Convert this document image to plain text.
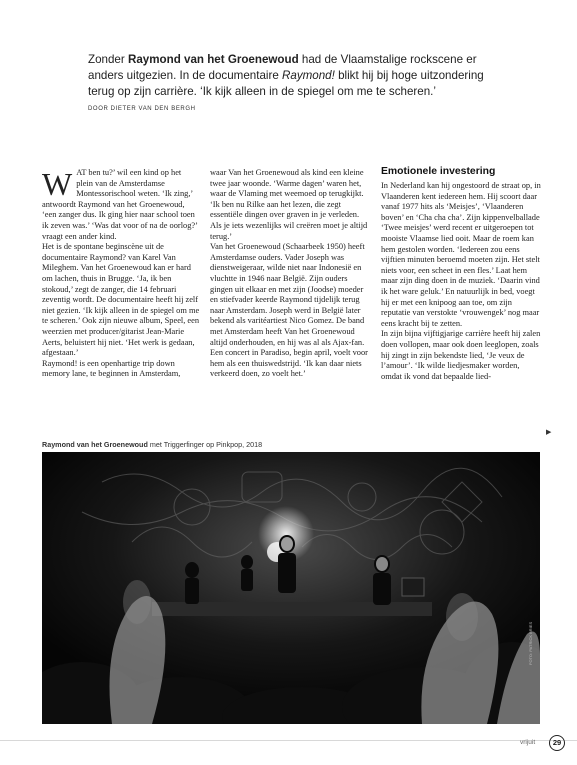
Zonder Raymond van het Groenewoud had de Vlaamstalige rockscene er anders uitgezien. In de documentaire Raymond! blikt hij bij hoge uitzondering terug op zijn carrière. ‘Ik kijk alleen in de spiegel om me te scheren.’
DOOR DIETER VAN DEN BERGH
W AT ben tu?’ wil een kind op het plein van de Amsterdamse Montessorischool weten. ‘Ik zing,’ antwoordt Raymond van het Groenewoud, ‘een zanger dus. Ik ging hier naar school toen ik zeven was.’ ‘Was dat voor of na de oorlog?’ vraagt een ander kind.

Het is de spontane beginscène uit de documentaire Raymond? van Karel Van Mileghem. Van het Groenewoud kan er hard om lachen, thuis in Brugge. ‘Ja, ik ben stokoud,’ zegt de zanger, die 14 februari zeventig wordt. De documentaire heeft hij zelf niet gezien. ‘Ik kijk alleen in de spiegel om me te scheren.’ Ook zijn nieuwe album, Speel, een weerzien met producer/gitarist Jean-Marie Aerts, beluistert hij niet. ‘Het werk is gedaan, afgestaan.’

Raymond! is een openhartige trip down memory lane, te beginnen in Amsterdam,

waar Van het Groenewoud als kind een kleine twee jaar woonde. ‘Warme dagen’ waren het, waar de Vlaming met weemoed op terugkijkt. ‘Ik ben nu Rilke aan het lezen, die zegt essentiële dingen over graven in je verleden. Als je iets wezenlijks wil creëren moet je altijd terug.’

Van het Groenewoud (Schaarbeek 1950) heeft Amsterdamse ouders. Vader Joseph was dienstweigeraar, wilde niet naar Indonesië en vluchtte in 1946 naar België. Zijn ouders gingen uit elkaar en met zijn (Joodse) moeder en stiefvader keerde Raymond tijdelijk terug naar Amsterdam. Joseph werd in België later bekend als varitéartiest Nico Gomez. De band met Amsterdam heeft Van het Groenewoud altijd onderhouden, en hij was al als Ajax-fan. Een concert in Paradiso, begin april, voelt voor hem als een thuiswedstrijd. ‘Ik kan daar niets verkeerd doen, zo voelt het.’

Emotionele investering

In Nederland kan hij ongestoord de straat op, in Vlaanderen kent iedereen hem. Hij scoort daar vanaf 1977 hits als ‘Meisjes’, ‘Vlaanderen boven’ en ‘Cha cha cha’. Zijn kippenvelballade ‘Twee meisjes’ werd recent er uitgeroepen tot mooiste Vlaamse lied ooit. Maar de roem kan hem gestolen worden. ‘Iedereen zou eens vijftien minuten beroemd moeten zijn. Het stelt niets voor, een scheet in een fles.’ Laat hem maar zijn ding doen in de muziek. ‘Daarin vind ik het ware geluk.’ En natuurlijk in bed, voegt hij er met een knipoog aan toe, om zijn reputatie van verstokte ‘vrouwengek’ nog maar eens kracht bij te zetten.

In zijn bijna vijftigjarige carrière heeft hij zalen doen vollopen, maar ook doen leeglopen, zoals hij zingt in zijn bekendste lied, ‘Je veux de l’amour’. ‘Ik wilde liedjesmaker worden, omdat ik vond dat bepaalde lied-

▶
Raymond van het Groenewoud met Triggerfinger op Pinkpop, 2018
FOTO: PATRICK BRIES
vrijuit	29
